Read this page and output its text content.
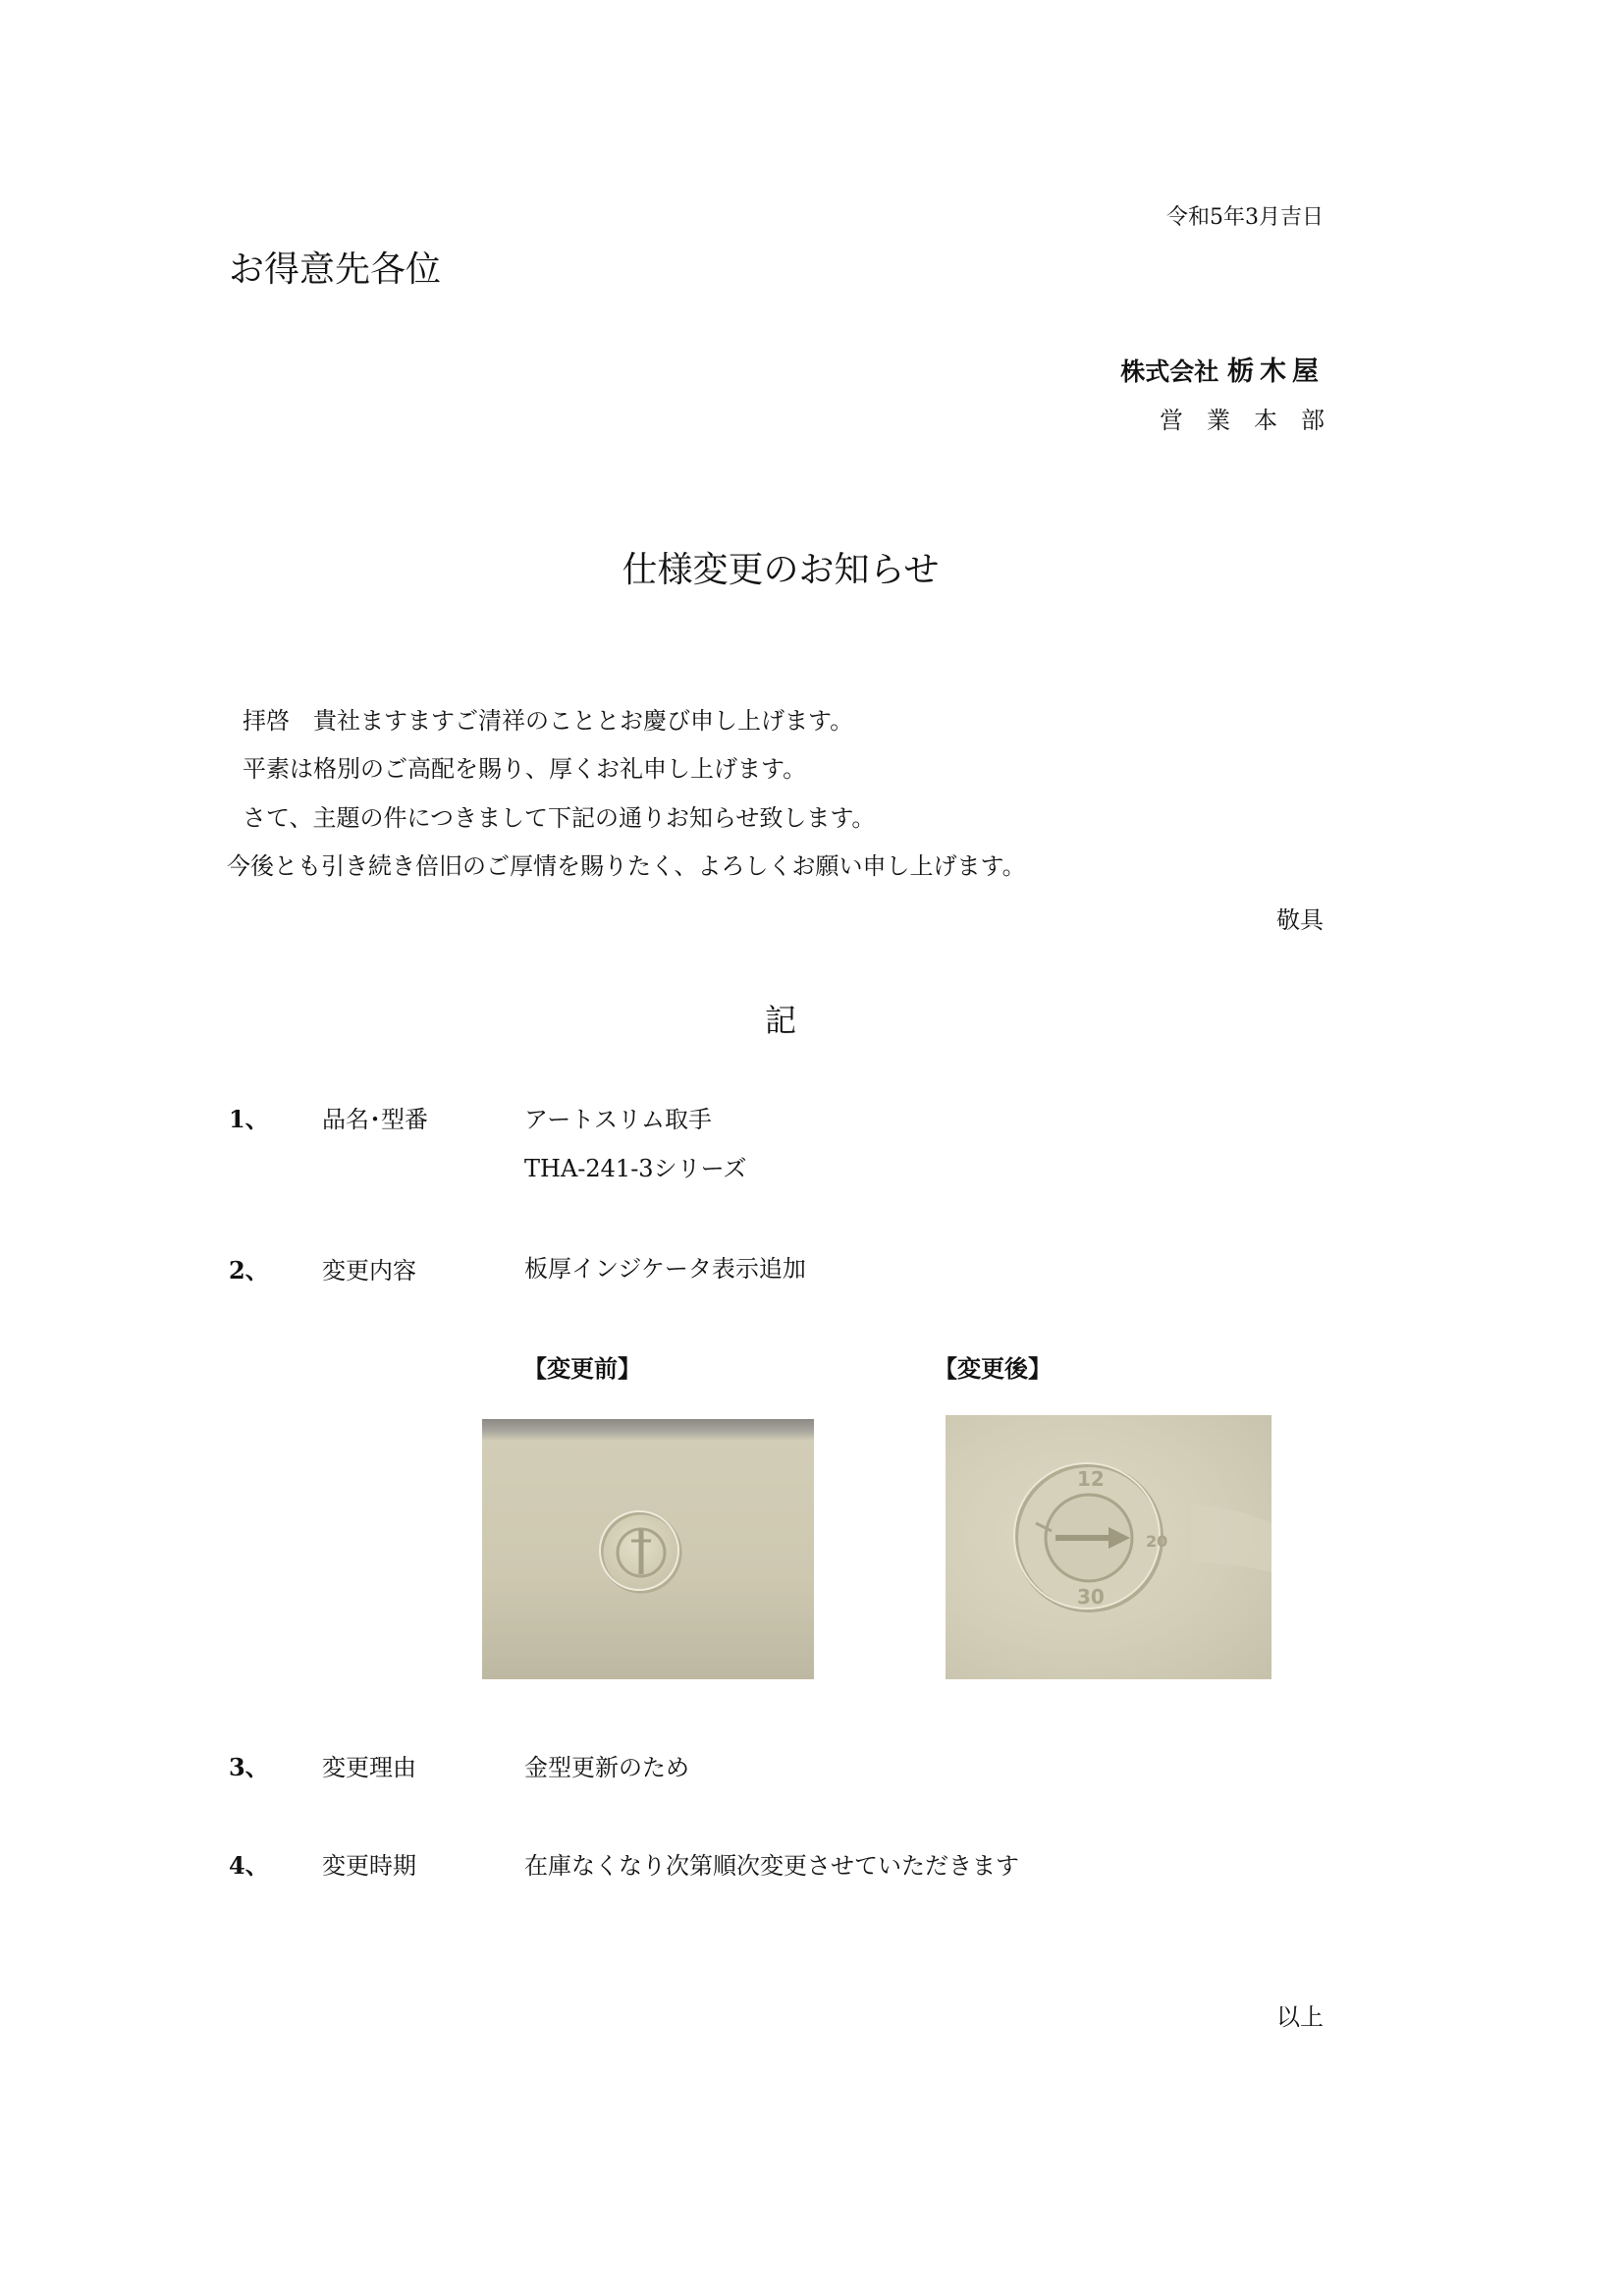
令和5年3月吉日
お得意先各位
株式会社 栃木屋
営業本部
仕様変更のお知らせ
拝啓　貴社ますますご清祥のこととお慶び申し上げます。
平素は格別のご高配を賜り、厚くお礼申し上げます。
さて、主題の件につきまして下記の通りお知らせ致します。
今後とも引き続き倍旧のご厚情を賜りたく、よろしくお願い申し上げます。
敬具
記
1、 品名･型番	アートスリム取手
THA-241-3シリーズ
2、 変更内容	板厚インジケータ表示追加
【変更前】	【変更後】
12
20
30
3、 変更理由	金型更新のため
4、 変更時期	在庫なくなり次第順次変更させていただきます
以上
